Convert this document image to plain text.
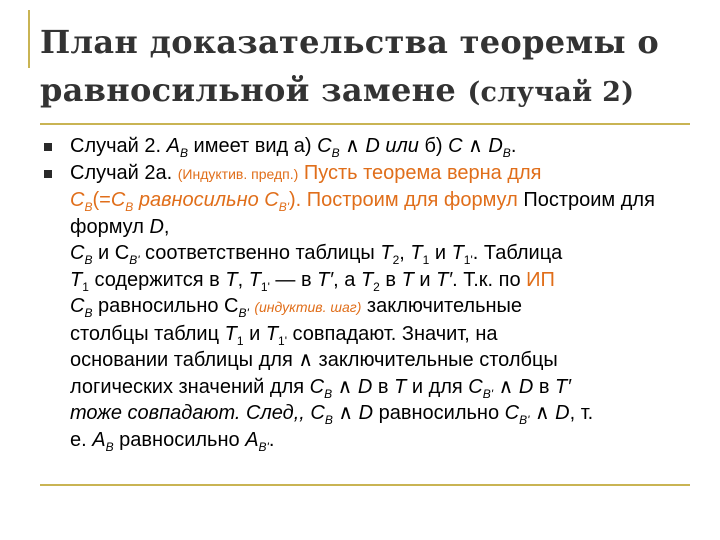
План доказательства теоремы о
равносильной замене (случай 2)
Случай 2. $A_B$ имеет вид а) $C_B$ ∧ D или б) C ∧ $D_B$.
Случай 2а. (Индуктив. предп.) Пусть теорема верна для
$C_B(=C_B$ равносильно $С_{B'}$). Построим для формул Построим для формул D,
$C_B$ и $С_{B'}$ соответственно таблицы $T_2$, $T_1$ и $T_{1'}$. Таблица
$T_1$ содержится в T, $T_{1'}$ — в T′, а $T_2$ в T и T′. Т.к. по ИП
$C_B$ равносильно $С_{B'}$ (индуктив. шаг) заключительные
столбцы таблиц $T_1$ и $T_{1'}$ совпадают. Значит, на
основании таблицы для ∧ заключительные столбцы
логических значений для $C_B$ ∧ D в T и для $C_{B'}$ ∧ D в T′
тоже совпадают. След,, $C_B$ ∧ D равносильно $C_{B'}$ ∧ D, т.
е. $A_B$ равносильно $A_{B'}$.
